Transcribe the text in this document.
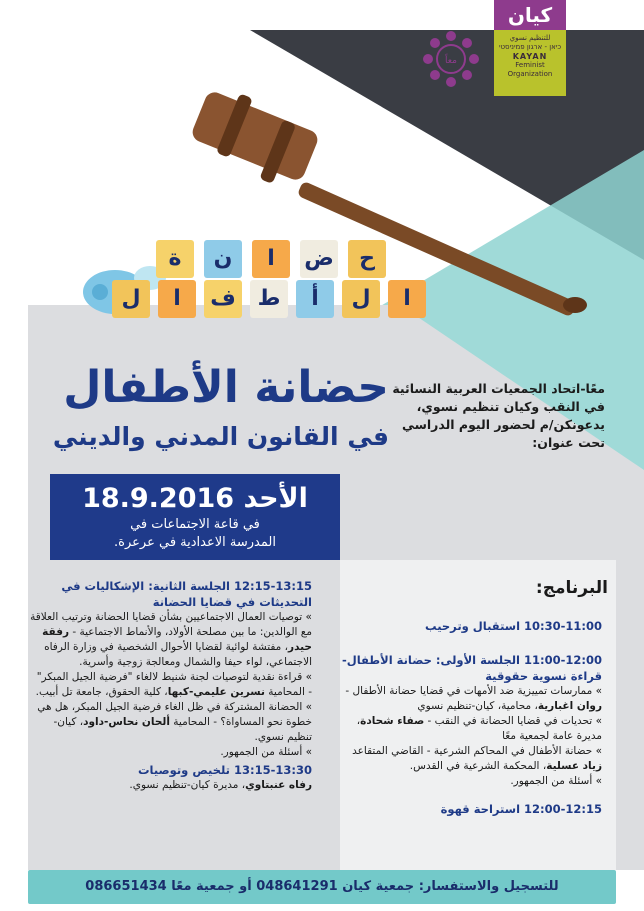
كيان
للتنظيم نسوي
כיאן - ארגון פמיניסטי
KAYAN
Feminist Organization
معاً
ح
ض
ا
ن
ة
ا
ل
أ
ط
ف
ا
ل
حضانة الأطفال
في القانون المدني والديني
معًا-اتحاد الجمعيات العربية النسائية
في النقب وكيان تنظيم نسوي،
يدعونكن/م لحضور اليوم الدراسي
تحت عنوان:
الأحد 18.9.2016
في قاعة الاجتماعات في
المدرسة الاعدادية في عرعرة.
البرنامج:
10:30-11:00 استقبال وترحيب
11:00-12:00 الجلسة الأولى: حضانة الأطفال-قراءة نسوية حقوقية
» ممارسات تمييزية ضد الأمهات في قضايا حضانة الأطفال - روان اغبارية، محامية، كيان-تنظيم نسوي
» تحديات في قضايا الحضانة في النقب - صفاء شحادة، مديرة عامة لجمعية معًا
» حضانة الأطفال في المحاكم الشرعية - القاضي المتقاعد زياد عسلية، المحكمة الشرعية في القدس.
» أسئلة من الجمهور.
12:00-12:15 استراحة قهوة
12:15-13:15 الجلسة الثانية: الإشكاليات في التحديثات في قضايا الحضانة
» توصيات العمال الاجتماعيين بشأن قضايا الحضانة وترتيب العلاقة مع الوالدين: ما بين مصلحة الأولاد، والأنماط الاجتماعية - رفقة حيدر، مفتشة لوائية لقضايا الأحوال الشخصية في وزارة الرفاه الاجتماعي، لواء حيفا والشمال ومعالجة زوجية وأسرية.
» قراءة نقدية لتوصيات لجنة شنيط لالغاء "فرضية الجيل المبكر" - المحامية نسرين عليمي-كبها، كلية الحقوق، جامعة تل أبيب.
» الحضانة المشتركة في ظل الغاء فرضية الجيل المبكر، هل هي خطوة نحو المساواة؟ - المحامية ألحان نحاس-داود، كيان-تنظيم نسوي.
» أسئلة من الجمهور.
13:15-13:30 تلخيص وتوصيات
رفاه عنبتاوي، مديرة كيان-تنظيم نسوي.
للتسجيل والاستفسار: جمعية كيان 048641291 أو جمعية معًا 086651434
